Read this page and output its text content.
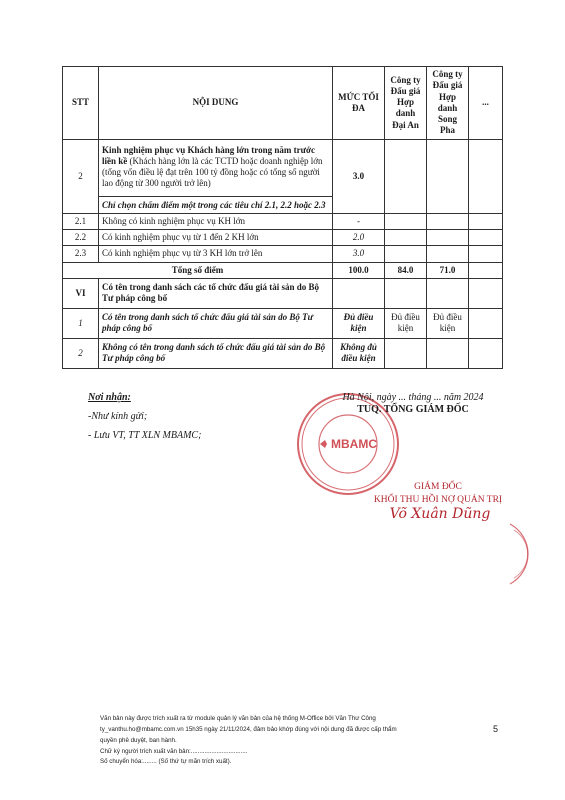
STT	NỘI DUNG	MỨC TỐI ĐA	Công ty Đấu giá Hợp danh Đại An	Công ty Đấu giá Hợp danh Song Pha	...
2	Kinh nghiệm phục vụ Khách hàng lớn trong năm trước liền kề (Khách hàng lớn là các TCTD hoặc doanh nghiệp lớn (tổng vốn điều lệ đạt trên 100 tỷ đồng hoặc có tổng số người lao động từ 300 người trở lên)
Chỉ chọn chấm điểm một trong các tiêu chí 2.1, 2.2 hoặc 2.3	3.0			
2.1	Không có kinh nghiệm phục vụ KH lớn	-			
2.2	Có kinh nghiệm phục vụ từ 1 đến 2 KH lớn	2.0			
2.3	Có kinh nghiệm phục vụ từ 3 KH lớn trở lên	3.0			
Tổng số điểm		100.0	84.0	71.0	
VI	Có tên trong danh sách các tổ chức đấu giá tài sản do Bộ Tư pháp công bố				
1	Có tên trong danh sách tổ chức đấu giá tài sản do Bộ Tư pháp công bố	Đủ điều kiện	Đủ điều kiện	Đủ điều kiện	
2	Không có tên trong danh sách tổ chức đấu giá tài sản do Bộ Tư pháp công bố	Không đủ điều kiện			
Nơi nhận:
-Như kính gửi;
- Lưu VT, TT XLN MBAMC;
MBAMC
Hà Nội, ngày ... tháng ... năm 2024
TUQ. TỔNG GIÁM ĐỐC
GIÁM ĐỐC
KHỐI THU HỒI NỢ QUẢN TRỊ
Võ Xuân Dũng
Văn bản này được trích xuất ra từ module quản lý văn bản của hệ thống M-Office bởi Văn Thư Công
ty_vanthu.ho@mbamc.com.vn 15h35 ngày 21/11/2024, đảm bảo khớp đúng với nội dung đã được cấp thẩm
quyền phê duyệt, ban hành.
Chữ ký người trích xuất văn bản:.................................
Số chuyển hóa:........ (Số thứ tự mãn trích xuất).
5
